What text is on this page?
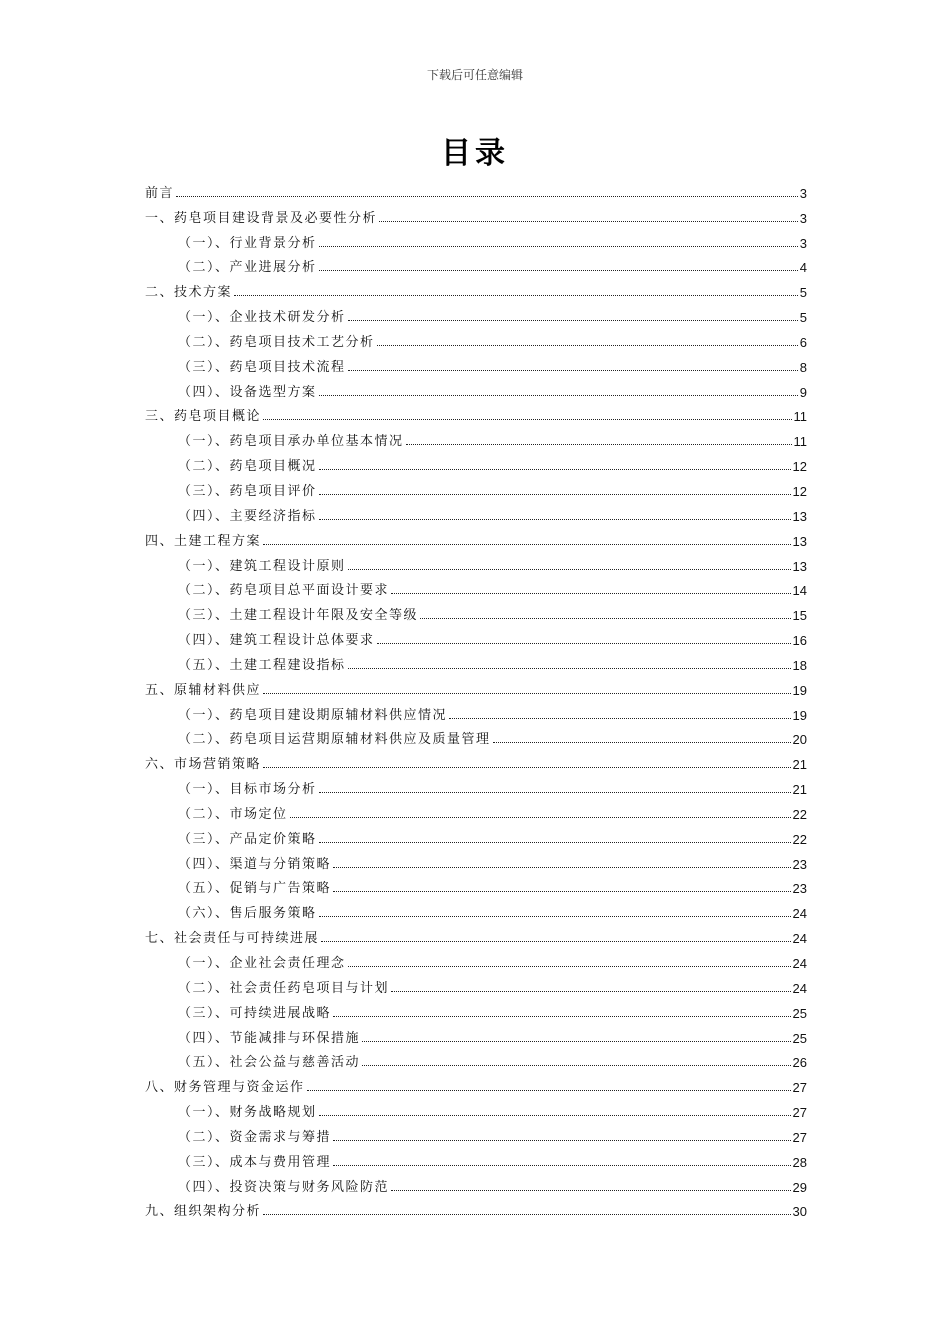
下载后可任意编辑
目录
前言	3
一、药皂项目建设背景及必要性分析	3
（一）、行业背景分析	3
（二）、产业进展分析	4
二、技术方案	5
（一）、企业技术研发分析	5
（二）、药皂项目技术工艺分析	6
（三）、药皂项目技术流程	8
（四）、设备选型方案	9
三、药皂项目概论	11
（一）、药皂项目承办单位基本情况	11
（二）、药皂项目概况	12
（三）、药皂项目评价	12
（四）、主要经济指标	13
四、土建工程方案	13
（一）、建筑工程设计原则	13
（二）、药皂项目总平面设计要求	14
（三）、土建工程设计年限及安全等级	15
（四）、建筑工程设计总体要求	16
（五）、土建工程建设指标	18
五、原辅材料供应	19
（一）、药皂项目建设期原辅材料供应情况	19
（二）、药皂项目运营期原辅材料供应及质量管理	20
六、市场营销策略	21
（一）、目标市场分析	21
（二）、市场定位	22
（三）、产品定价策略	22
（四）、渠道与分销策略	23
（五）、促销与广告策略	23
（六）、售后服务策略	24
七、社会责任与可持续进展	24
（一）、企业社会责任理念	24
（二）、社会责任药皂项目与计划	24
（三）、可持续进展战略	25
（四）、节能减排与环保措施	25
（五）、社会公益与慈善活动	26
八、财务管理与资金运作	27
（一）、财务战略规划	27
（二）、资金需求与筹措	27
（三）、成本与费用管理	28
（四）、投资决策与财务风险防范	29
九、组织架构分析	30
